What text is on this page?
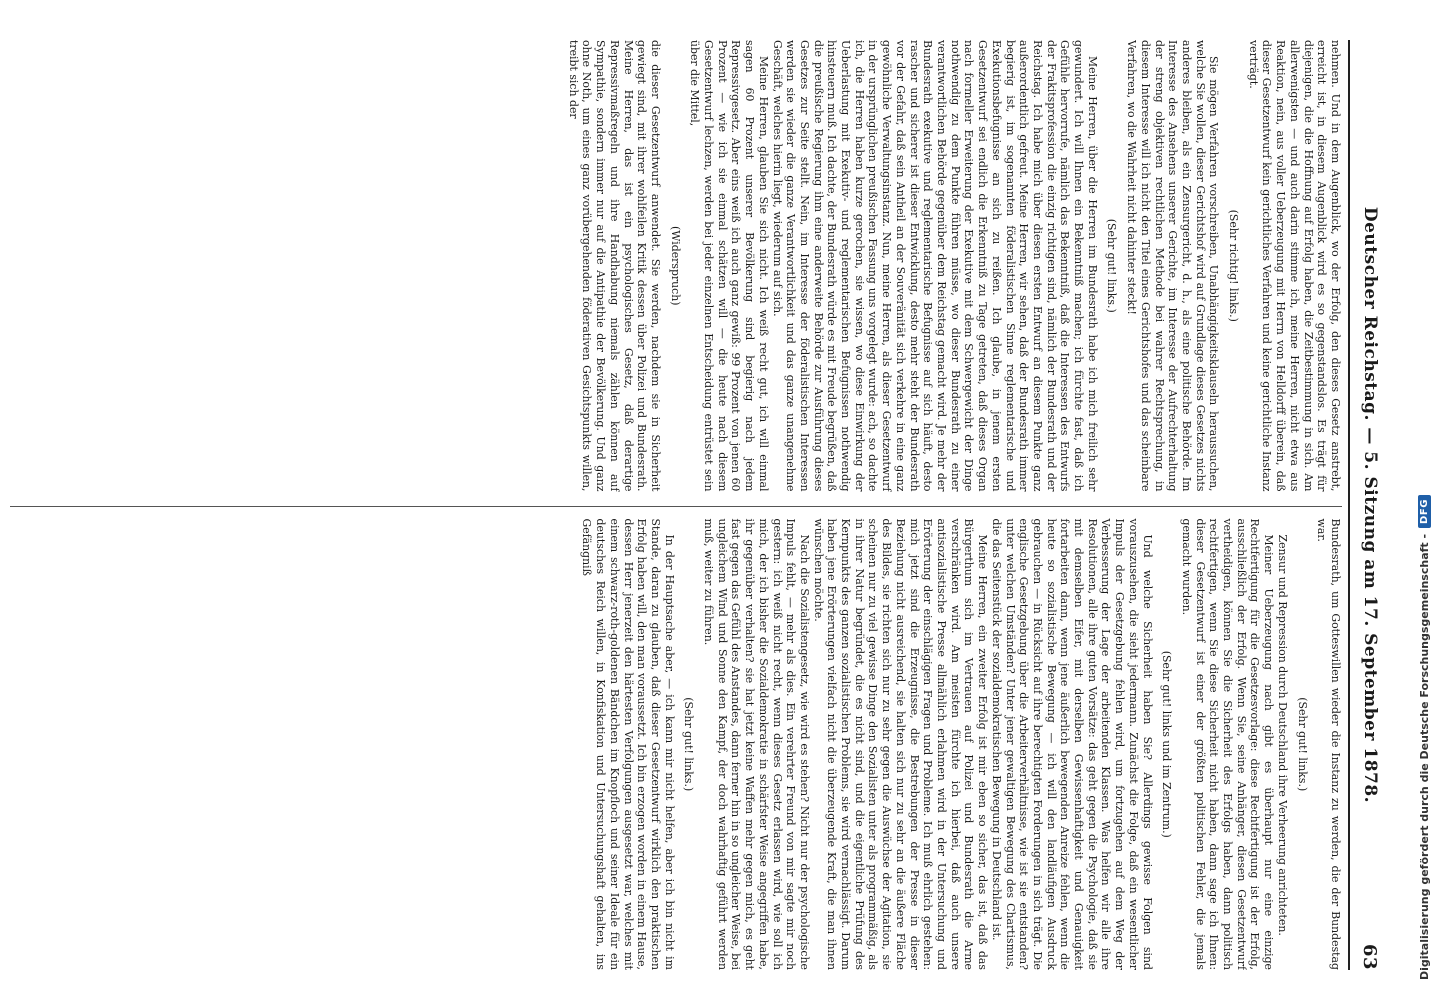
Deutscher Reichstag. — 5. Sitzung am 17. September 1878.
63

nehmen. Und in dem Augenblick, wo der Erfolg, den dieses Gesetz anstrebt, erreicht ist, in diesem Augenblick wird es so gegenstandslos. Es trägt für diejenigen, die die Hoffnung auf Erfolg haben, die Zeitbestimmung in sich. Am allerwenigsten — und auch darin stimme ich, meine Herren, nicht etwa aus Reaktion, nein, aus voller Ueberzeugung mit Herrn von Helldorff überein, daß dieser Gesetzentwurf kein gerichtliches Verfahren und keine gerichtliche Instanz verträgt.

(Sehr richtig! links.)

Sie mögen Verfahren vorschreiben, Unabhängigkeitsklauseln heraussuchen, welche Sie wollen, dieser Gerichtshof wird auf Grundlage dieses Gesetzes nichts anderes bleiben, als ein Zensurgericht, d. h., als eine politische Behörde. Im Interesse des Ansehens unserer Gerichte, im Interesse der Aufrechterhaltung der streng objektiven rechtlichen Methode bei wahrer Rechtsprechung, in diesem Interesse will ich nicht den Titel eines Gerichtshofes und das scheinbare Verfahren, wo die Wahrheit nicht dahinter steckt!

(Sehr gut! links.)

Meine Herren, über die Herren im Bundesrath habe ich mich freilich sehr gewundert. Ich will Ihnen ein Bekenntniß machen; ich fürchte fast, daß ich Gefühle hervorrufe, nämlich das Bekenntniß, daß die Interessen des Entwurfs der Frakitsprofession die einzig richtigen sind, nämlich der Bundesrath und der Reichstag. Ich habe mich über diesen ersten Entwurf an diesem Punkte ganz außerordentlich gefreut. Meine Herren, wir sehen, daß der Bundesrath immer begierig ist, im sogenannten föderalistischen Sinne reglementarische und Exekutionsbefugnisse an sich zu reißen. Ich glaube, in jenem ersten Gesetzentwurf sei endlich die Erkenntniß zu Tage getreten, daß dieses Organ nach formeller Erweiterung der Exekutive mit dem Schwergewicht der Dinge nothwendig zu dem Punkte führen müsse, wo dieser Bundesrath zu einer verantwortlichen Behörde gegenüber dem Reichstag gemacht wird. Je mehr der Bundesrath exekutive und reglementarische Befugnisse auf sich häuft, desto rascher und sicherer ist dieser Entwicklung, desto mehr steht der Bundesrath vor der Gefahr, daß sein Antheil an der Souveränität sich verkehre in eine ganz gewöhnliche Verwaltungsinstanz. Nun, meine Herren, als dieser Gesetzentwurf in der ursprünglichen preußischen Fassung uns vorgelegt wurde: ach, so dachte ich, die Herren haben kurze gerochen, sie wissen, wo diese Einwirkung der Ueberlastung mit Exekutiv- und reglementarischen Befugnissen nothwendig hinsteuern muß. Ich dachte, der Bundesrath würde es mit Freude begrüßen, daß die preußische Regierung ihm eine anderweite Behörde zur Ausführung dieses Gesetzes zur Seite stellt. Nein, im Interesse der föderalistischen Interessen werden sie wieder die ganze Verantwortlichkeit und das ganze unangenehme Geschäft, welches hierin liegt, wiederum auf sich.

Meine Herren, glauben Sie sich nicht. Ich weiß recht gut, ich will einmal sagen 60 Prozent unserer Bevölkerung sind begierig nach jedem Repressivgesetz. Aber eins weiß ich auch ganz gewiß: 99 Prozent von jenen 60 Prozent — wie ich sie einmal schätzen will — die heute nach diesem Gesetzentwurf lechzen, werden bei jeder einzelnen Entscheidung entrüstet sein über die Mittel,

(Widerspruch)

die dieser Gesetzentwurf anwendet. Sie werden, nachdem sie in Sicherheit gewiegt sind, mit ihrer wohlfeilen Kritik dessen über Polizei und Bundesrath. Meine Herren, das ist ein psychologisches Gesetz, daß derartige Repressivmaßregeln und ihre Handhabung niemals zählen können auf Sympathie, sondern immer nur auf die Antipathie der Bevölkerung. Und ganz ohne Noth, um eines ganz vorübergehenden föderativen Gesichtspunkts willen, treibt sich der

Bundesrath, um Gotteswillen wieder die Instanz zu werden, die der Bundestag war.

(Sehr gut! links.)

Zensur und Repression durch Deutschland ihre Verheerung anrichteten.

Meiner Ueberzeugung nach gibt es überhaupt nur eine einzige Rechtfertigung für die Gesetzesvorlage: diese Rechtfertigung ist der Erfolg, ausschließlich der Erfolg. Wenn Sie, seine Anhänger, diesen Gesetzentwurf vertheidigen, können Sie die Sicherheit des Erfolgs haben, dann politisch rechtfertigen, wenn Sie diese Sicherheit nicht haben, dann sage ich Ihnen: dieser Gesetzentwurf ist einer der größten politischen Fehler, die jemals gemacht wurden.

(Sehr gut! links und im Zentrum.)

Und welche Sicherheit haben Sie? Allerdings gewisse Folgen sind vorauszusehen, die sieht jedermann. Zunächst die Folge, daß ein wesentlicher Impuls der Gesetzgebung fehlen wird, um fortzugehen auf dem Weg der Verbesserung der Lage der arbeitenden Klassen. Was helfen wir alle ihre Resolutionen, alle ihre guten Vorsätze: das geht gegen die Psychologie, daß sie mit demselben Eifer, mit derselben Gewissenhaftigkeit und Genauigkeit fortarbeiten dann, wenn jene äußerlich bewegenden Anreize fehlen, wenn die heute so sozialistische Bewegung — ich will den landläufigen Ausdruck gebrauchen — in Rücksicht auf ihre berechtigten Forderungen in sich trägt. Die englische Gesetzgebung über die Arbeiterverhältnisse, wie ist sie entstanden? unter welchen Umständen? Unter jener gewaltigen Bewegung des Chartismus, die das Seitenstück der sozialdemokratischen Bewegung in Deutschland ist.

Meine Herren, ein zweiter Erfolg ist mir eben so sicher, das ist, daß das Bürgerthum sich im Vertrauen auf Polizei und Bundesrath die Arme verschränken wird. Am meisten fürchte ich hierbei, daß auch unsere antisozialistische Presse allmählich erlahmen wird in der Untersuchung und Erörterung der einschlägigen Fragen und Probleme. Ich muß ehrlich gestehen: mich jetzt sind die Erzeugnisse, die Bestrebungen der Presse in dieser Beziehung nicht ausreichend, sie halten sich nur zu sehr an die äußere Fläche des Bildes, sie richten sich nur zu sehr gegen die Auswüchse der Agitation, sie scheinen nur zu viel gewisse Dinge den Sozialisten unter als programmäßig, als in ihrer Natur begründet, die es nicht sind, und die eigentliche Prüfung des Kernpunkts des ganzen sozialistischen Problems, sie wird vernachlässigt. Darum haben jene Erörterungen vielfach nicht die überzeugende Kraft, die man ihnen wünschen möchte.

Nach die Sozialistengesetz, wie wird es stehen? Nicht nur der psychologische Impuls fehlt, — mehr als dies. Ein verehrter Freund von mir sagte mir noch gestern: ich weiß nicht recht, wenn dieses Gesetz erlassen wird, wie soll ich mich, der ich bisher die Sozialdemokratie in schärfster Weise angegriffen habe, ihr gegenüber verhalten? sie hat jetzt keine Waffen mehr gegen mich, es geht fast gegen das Gefühl des Anstandes, dann ferner hin in so ungleicher Weise, bei ungleichem Wind und Sonne den Kampf, der doch wahrhaftig geführt werden muß, weiter zu führen.

(Sehr gut! links.)

In der Hauptsache aber, — ich kann mir nicht helfen, aber ich bin nicht im Stande, daran zu glauben, daß dieser Gesetzentwurf wirklich den praktischen Erfolg haben will, den man voraussetzt. Ich bin erzogen worden in einem Hause, dessen Herr jenerzeit den härtesten Verfolgungen ausgesetzt war, welches mit einem schwarz-roth-goldenen Bändchen im Knopfloch und seiner Ideale für ein deutsches Reich willen, in Konfiskation und Untersuchungshaft gehalten, ins Gefängniß	Digitalisierung gefördert durch die Deutsche Forschungsgemeinschaft -
DFG
